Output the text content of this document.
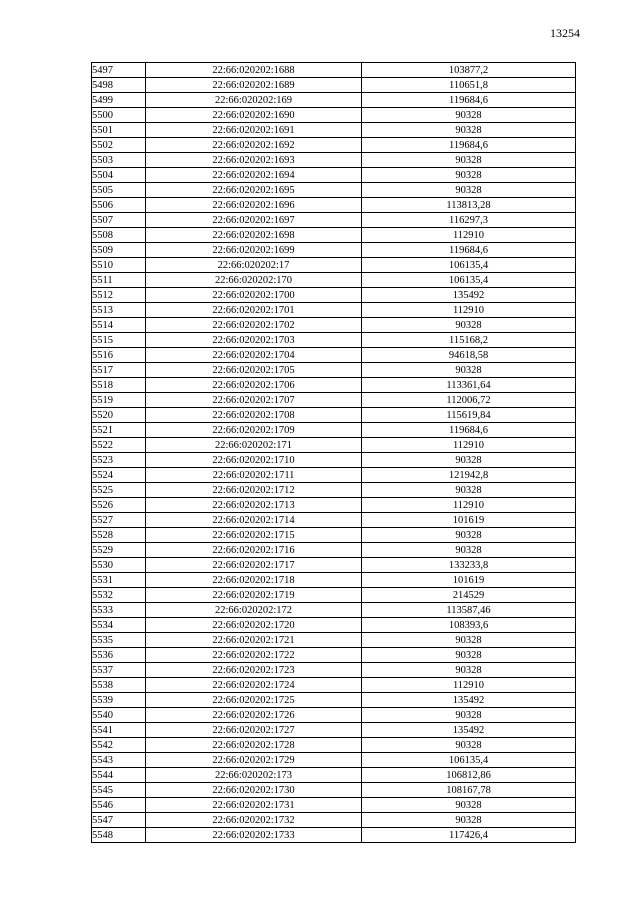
13254
5497	22:66:020202:1688	103877,2
5498	22:66:020202:1689	110651,8
5499	22:66:020202:169	119684,6
5500	22:66:020202:1690	90328
5501	22:66:020202:1691	90328
5502	22:66:020202:1692	119684,6
5503	22:66:020202:1693	90328
5504	22:66:020202:1694	90328
5505	22:66:020202:1695	90328
5506	22:66:020202:1696	113813,28
5507	22:66:020202:1697	116297,3
5508	22:66:020202:1698	112910
5509	22:66:020202:1699	119684,6
5510	22:66:020202:17	106135,4
5511	22:66:020202:170	106135,4
5512	22:66:020202:1700	135492
5513	22:66:020202:1701	112910
5514	22:66:020202:1702	90328
5515	22:66:020202:1703	115168,2
5516	22:66:020202:1704	94618,58
5517	22:66:020202:1705	90328
5518	22:66:020202:1706	113361,64
5519	22:66:020202:1707	112006,72
5520	22:66:020202:1708	115619,84
5521	22:66:020202:1709	119684,6
5522	22:66:020202:171	112910
5523	22:66:020202:1710	90328
5524	22:66:020202:1711	121942,8
5525	22:66:020202:1712	90328
5526	22:66:020202:1713	112910
5527	22:66:020202:1714	101619
5528	22:66:020202:1715	90328
5529	22:66:020202:1716	90328
5530	22:66:020202:1717	133233,8
5531	22:66:020202:1718	101619
5532	22:66:020202:1719	214529
5533	22:66:020202:172	113587,46
5534	22:66:020202:1720	108393,6
5535	22:66:020202:1721	90328
5536	22:66:020202:1722	90328
5537	22:66:020202:1723	90328
5538	22:66:020202:1724	112910
5539	22:66:020202:1725	135492
5540	22:66:020202:1726	90328
5541	22:66:020202:1727	135492
5542	22:66:020202:1728	90328
5543	22:66:020202:1729	106135,4
5544	22:66:020202:173	106812,86
5545	22:66:020202:1730	108167,78
5546	22:66:020202:1731	90328
5547	22:66:020202:1732	90328
5548	22:66:020202:1733	117426,4
